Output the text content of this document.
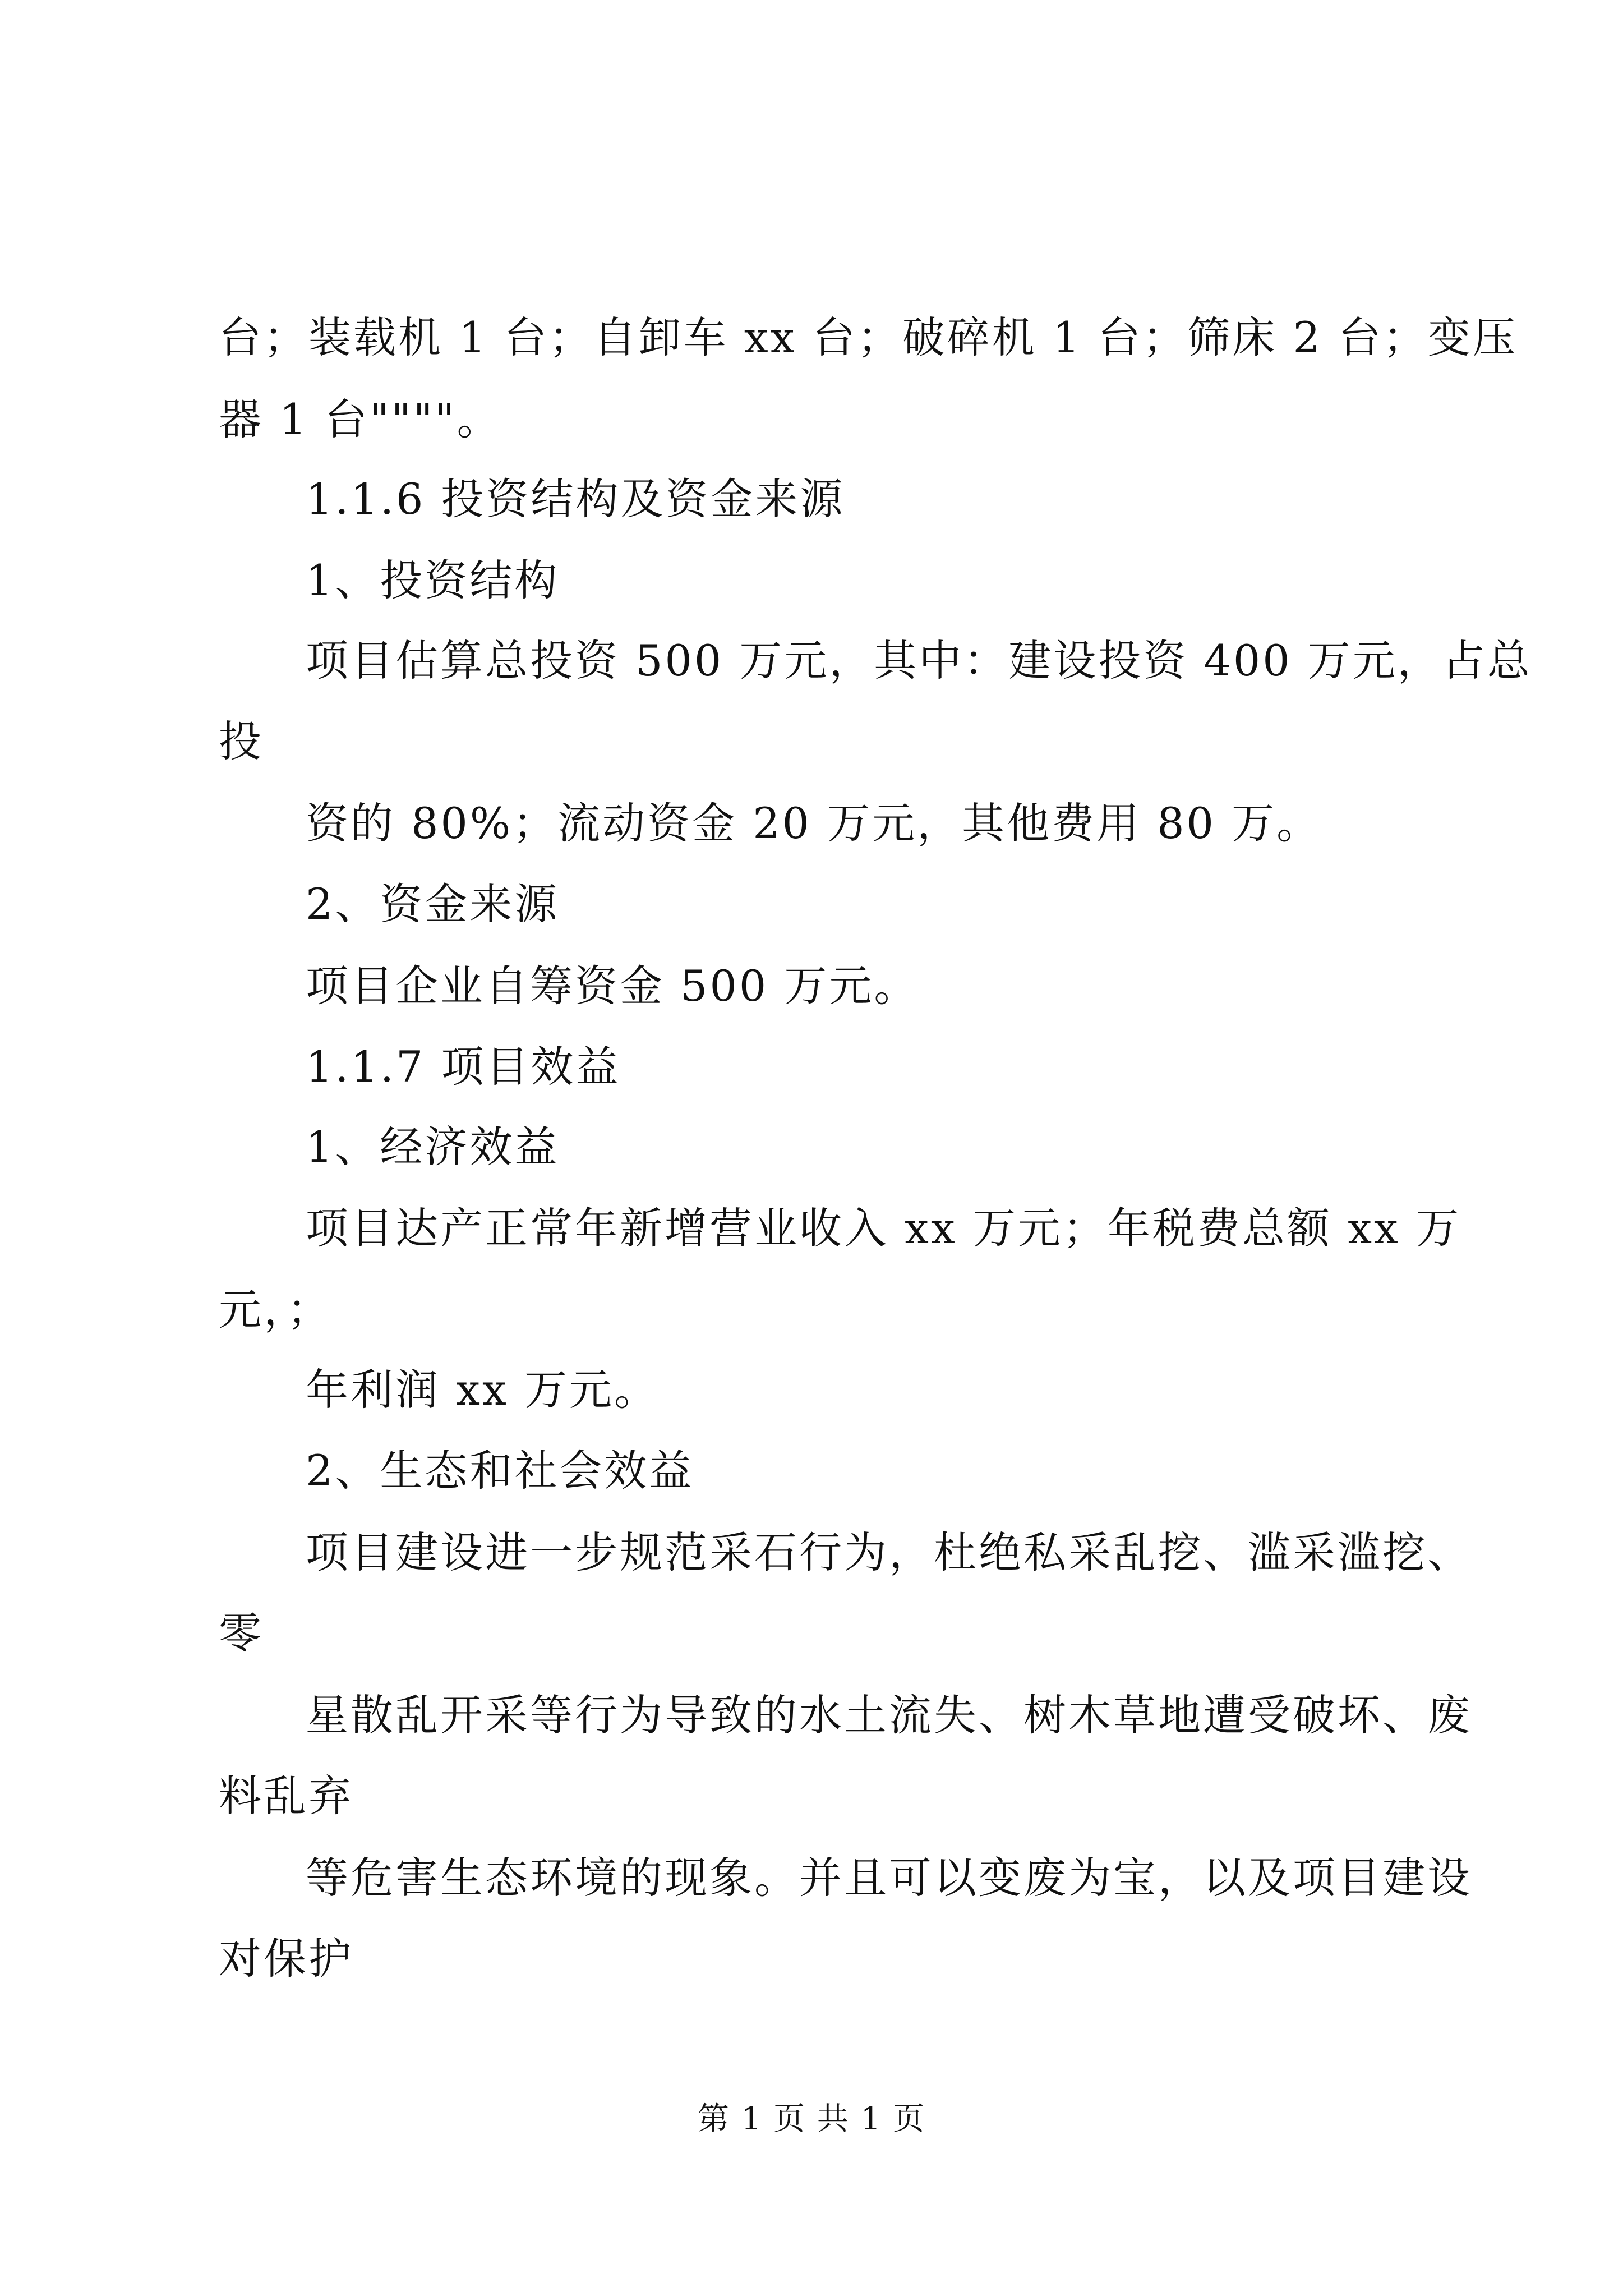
台；装载机 1 台；自卸车 xx 台；破碎机 1 台；筛床 2 台；变压
器 1 台""""。
1.1.6 投资结构及资金来源
1、投资结构
项目估算总投资 500 万元，其中：建设投资 400 万元，占总
投
资的 80%；流动资金 20 万元，其他费用 80 万。
2、资金来源
项目企业自筹资金 500 万元。
1.1.7 项目效益
1、经济效益
项目达产正常年新增营业收入 xx 万元；年税费总额 xx 万
元，；
年利润 xx 万元。
2、生态和社会效益
项目建设进一步规范采石行为，杜绝私采乱挖、滥采滥挖、
零
星散乱开采等行为导致的水土流失、树木草地遭受破坏、废
料乱弃
等危害生态环境的现象。并且可以变废为宝，以及项目建设
对保护
第 1 页 共 1 页
